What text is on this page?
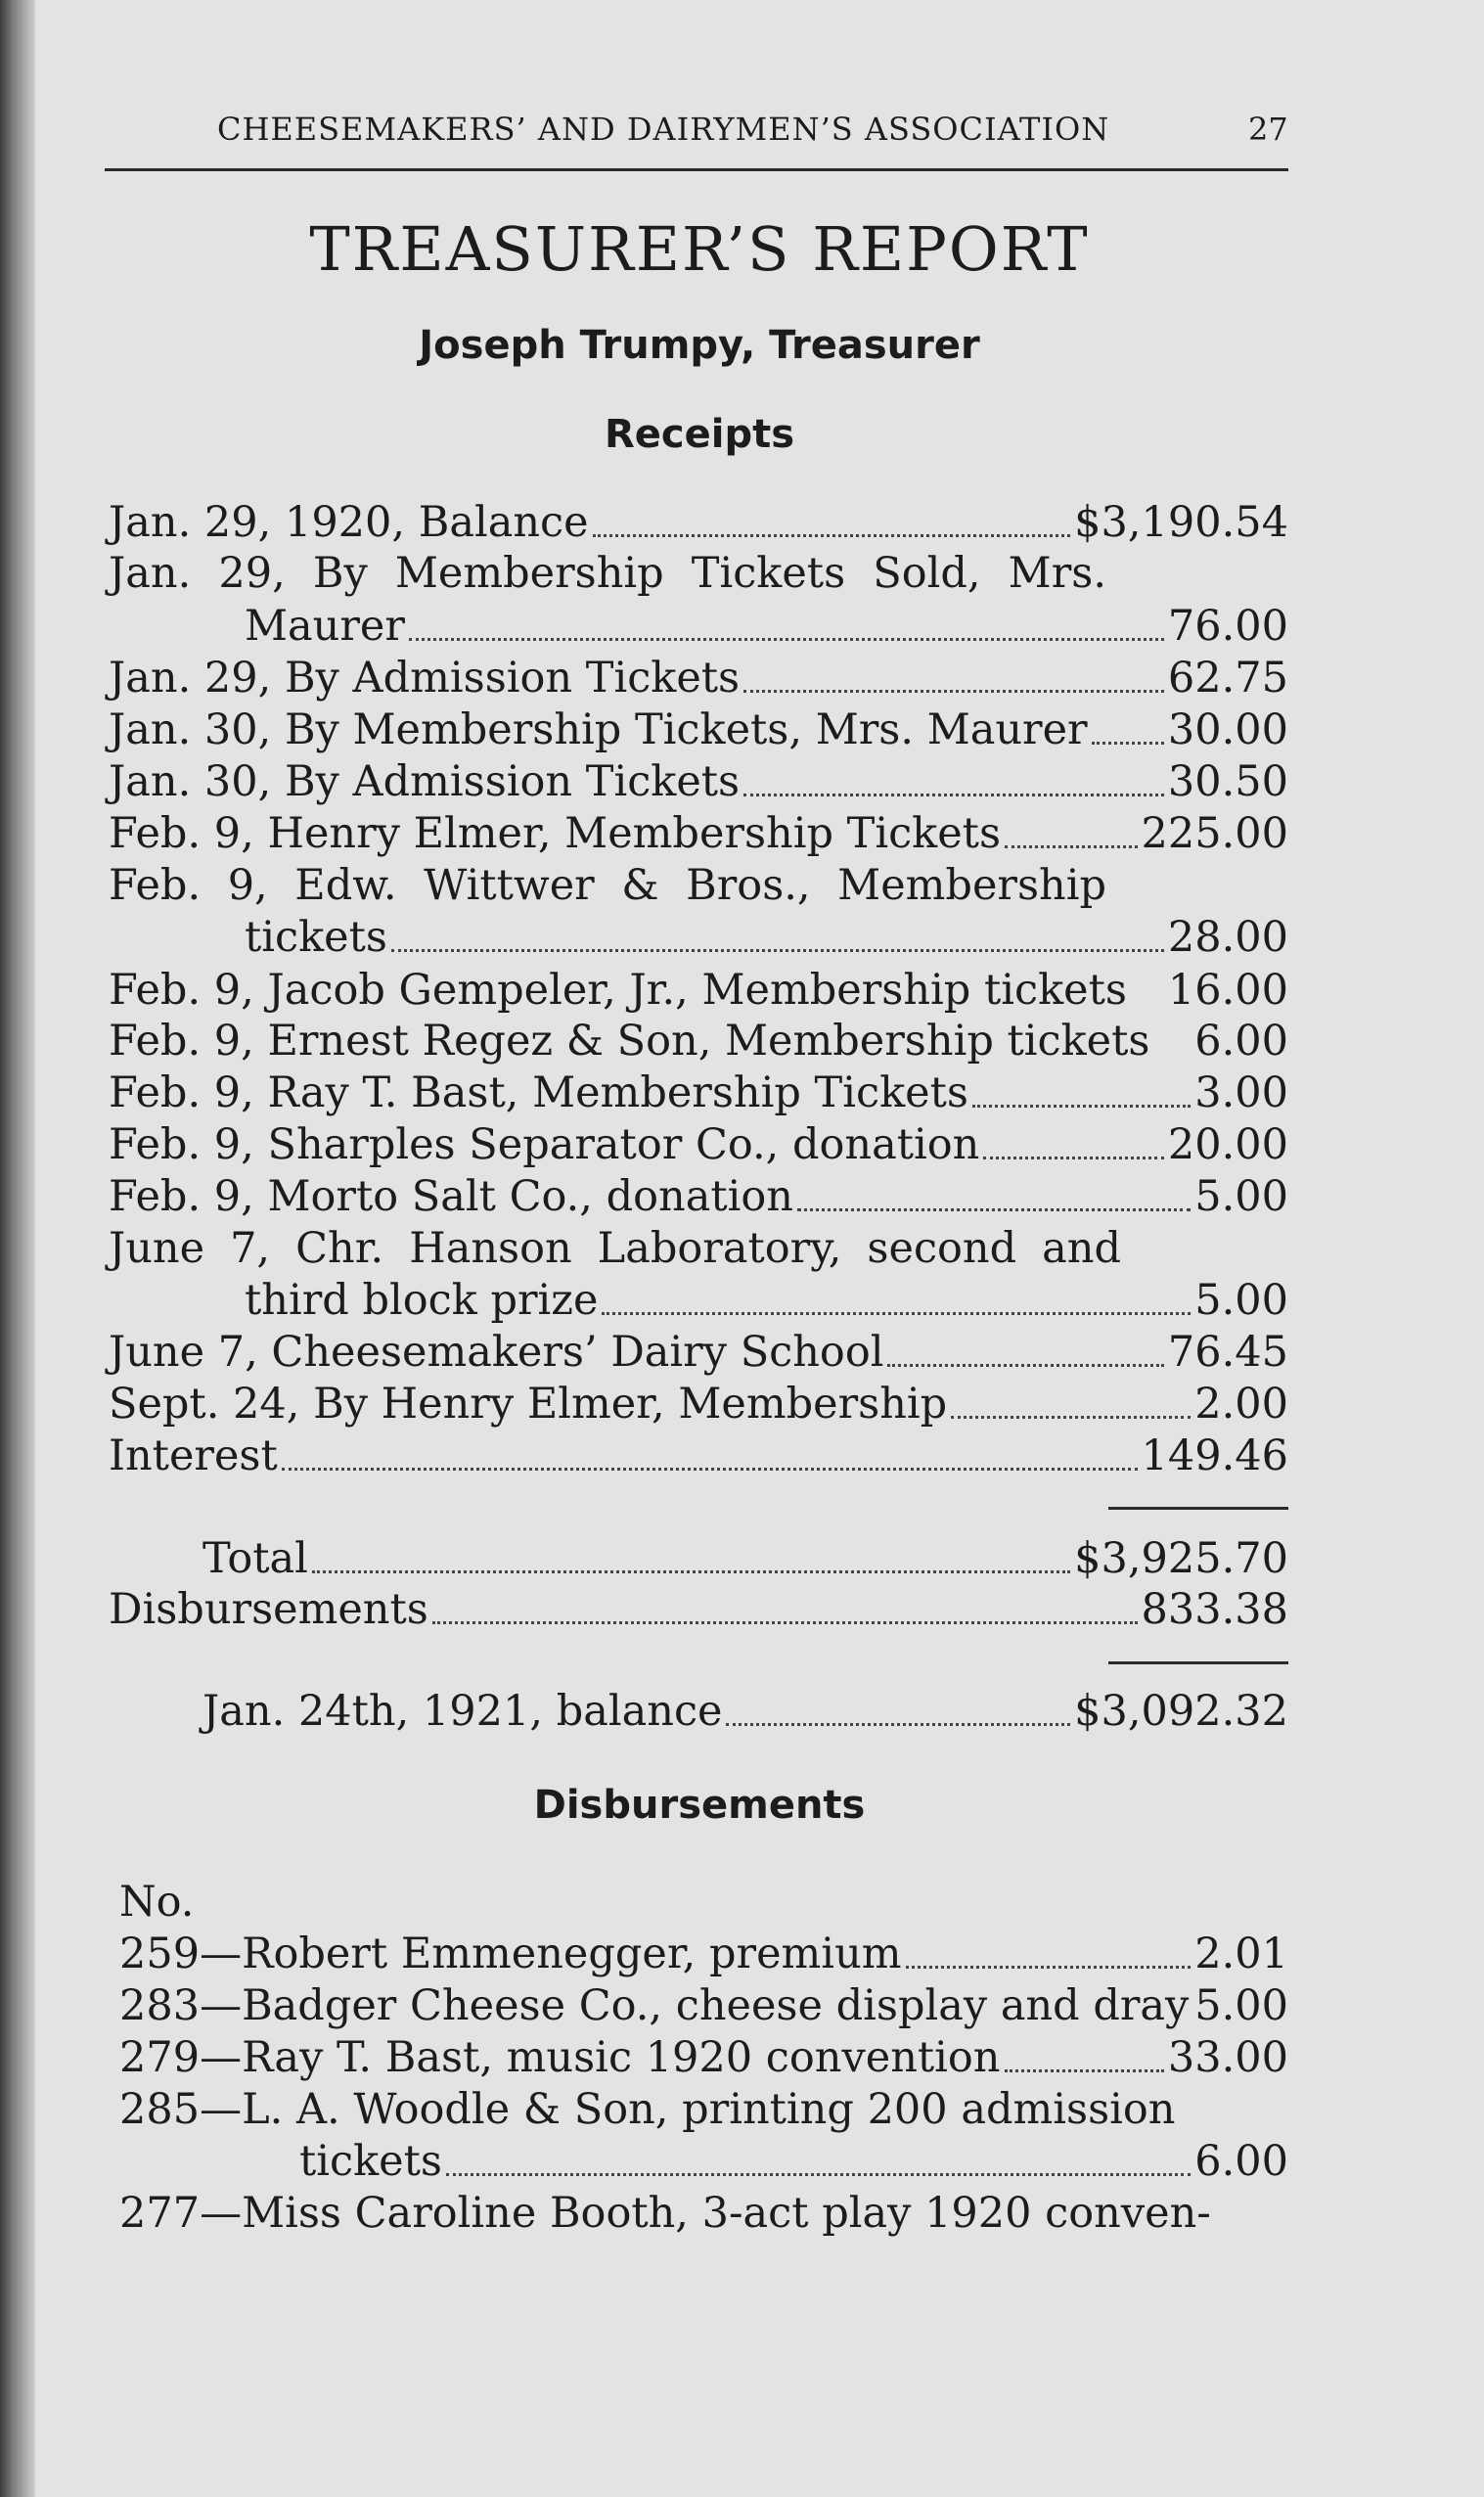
CHEESEMAKERS’ AND DAIRYMEN’S ASSOCIATION	27
TREASURER’S REPORT
Joseph Trumpy, Treasurer
Receipts
Jan. 29, 1920, Balance	$3,190.54
Jan. 29, By Membership Tickets Sold, Mrs.
Maurer	76.00
Jan. 29, By Admission Tickets	62.75
Jan. 30, By Membership Tickets, Mrs. Maurer 30.00
Jan. 30, By Admission Tickets	30.50
Feb. 9, Henry Elmer, Membership Tickets	225.00
Feb. 9, Edw. Wittwer & Bros., Membership
tickets	28.00
Feb. 9, Jacob Gempeler, Jr., Membership tickets 16.00
Feb. 9, Ernest Regez & Son, Membership tickets 6.00
Feb. 9, Ray T. Bast, Membership Tickets	3.00
Feb. 9, Sharples Separator Co., donation	20.00
Feb. 9, Morto Salt Co., donation	5.00
June 7, Chr. Hanson Laboratory, second and
third block prize	5.00
June 7, Cheesemakers’ Dairy School	76.45
Sept. 24, By Henry Elmer, Membership	2.00
Interest	149.46
Total	$3,925.70
Disbursements	833.38
Jan. 24th, 1921, balance	$3,092.32
Disbursements
No.
259—Robert Emmenegger, premium	2.01
283—Badger Cheese Co., cheese display and dray 5.00
279—Ray T. Bast, music 1920 convention	33.00
285—L. A. Woodle & Son, printing 200 admission
tickets	6.00
277—Miss Caroline Booth, 3-act play 1920 conven-
